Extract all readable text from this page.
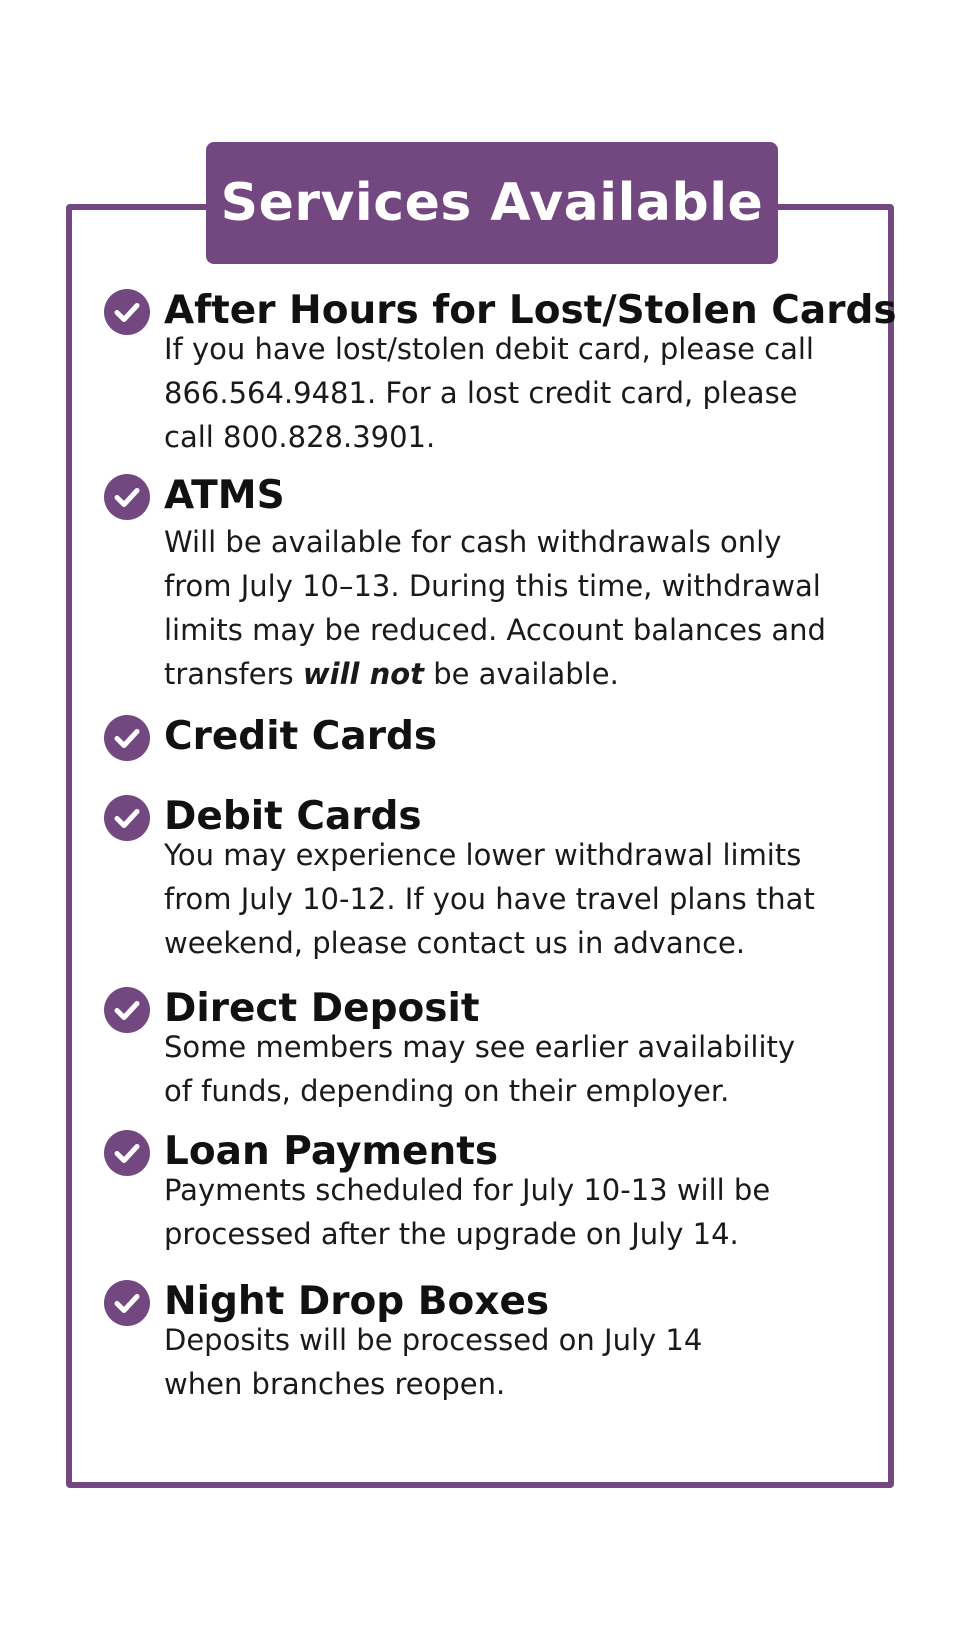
Services Available
After Hours for Lost/Stolen Cards
If you have lost/stolen debit card, please call
866.564.9481. For a lost credit card, please
call 800.828.3901.
ATMS
Will be available for cash withdrawals only
from July 10–13. During this time, withdrawal
limits may be reduced. Account balances and
transfers will not be available.
Credit Cards
Debit Cards
You may experience lower withdrawal limits
from July 10-12. If you have travel plans that
weekend, please contact us in advance.
Direct Deposit
Some members may see earlier availability
of funds, depending on their employer.
Loan Payments
Payments scheduled for July 10-13 will be
processed after the upgrade on July 14.
Night Drop Boxes
Deposits will be processed on July 14
when branches reopen.
